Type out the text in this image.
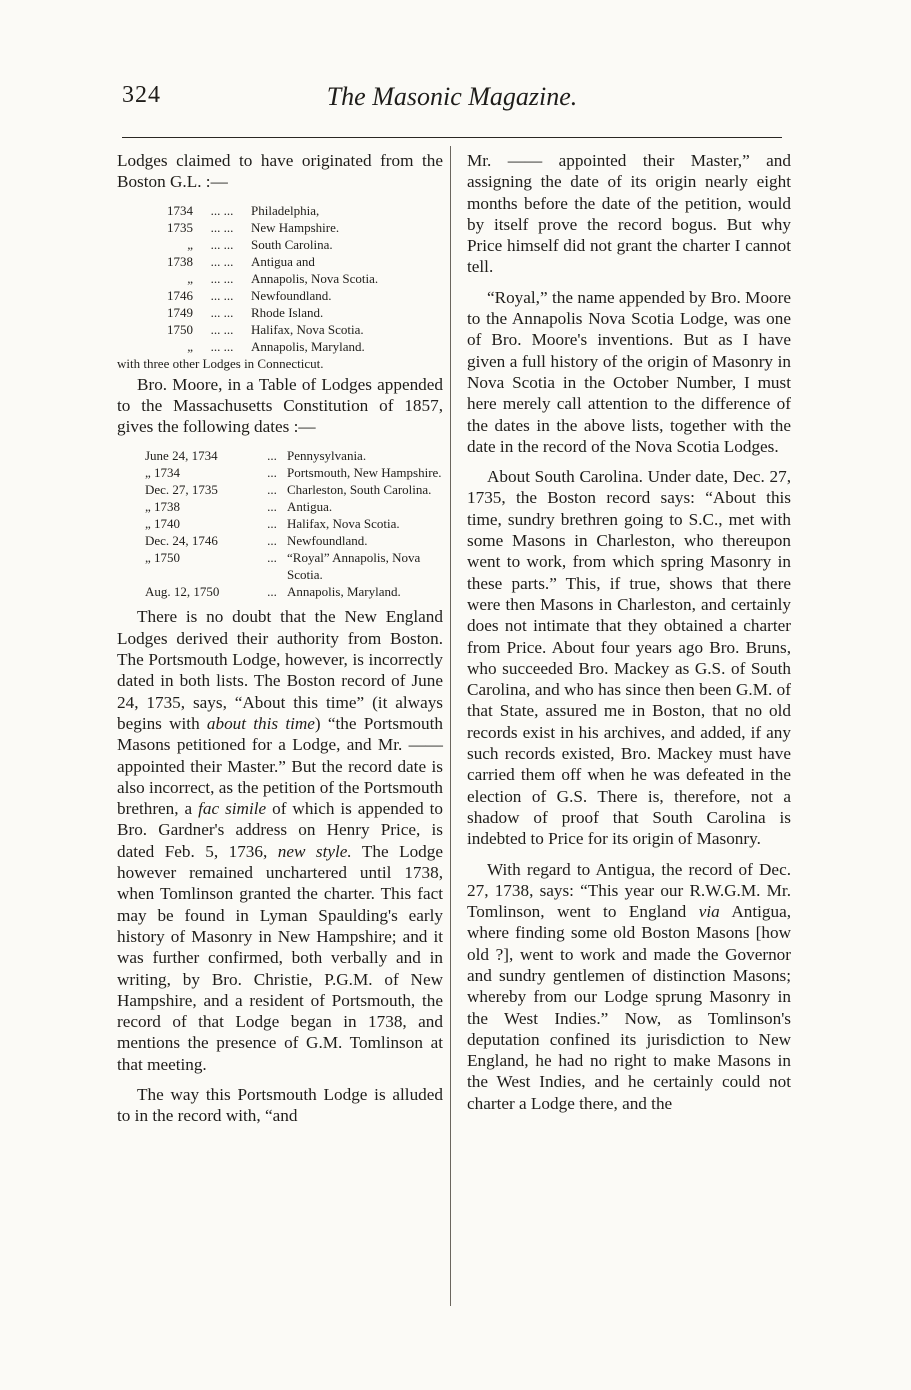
324	The Masonic Magazine.

Lodges claimed to have originated from the Boston G.L. :—

1734	... ...	Philadelphia,
1735	... ...	New Hampshire.
„	... ...	South Carolina.
1738	... ...	Antigua and
„	... ...	Annapolis, Nova Scotia.
1746	... ...	Newfoundland.
1749	... ...	Rhode Island.
1750	... ...	Halifax, Nova Scotia.
„	... ...	Annapolis, Maryland.
with three other Lodges in Connecticut.

Bro. Moore, in a Table of Lodges appended to the Massachusetts Constitution of 1857, gives the following dates :—

June 24, 1734	... Pennysylvania.
„ 1734	... Portsmouth, New Hampshire.
Dec. 27, 1735	... Charleston, South Carolina.
„ 1738	... Antigua.
„ 1740	... Halifax, Nova Scotia.
Dec. 24, 1746	... Newfoundland.
„ 1750	... “Royal” Annapolis, Nova Scotia.
Aug. 12, 1750	... Annapolis, Maryland.

There is no doubt that the New England Lodges derived their authority from Boston. The Portsmouth Lodge, however, is incorrectly dated in both lists. The Boston record of June 24, 1735, says, “About this time” (it always begins with about this time) “the Portsmouth Masons petitioned for a Lodge, and Mr. —— appointed their Master.” But the record date is also incorrect, as the petition of the Portsmouth brethren, a fac simile of which is appended to Bro. Gardner's address on Henry Price, is dated Feb. 5, 1736, new style. The Lodge however remained unchartered until 1738, when Tomlinson granted the charter. This fact may be found in Lyman Spaulding's early history of Masonry in New Hampshire; and it was further confirmed, both verbally and in writing, by Bro. Christie, P.G.M. of New Hampshire, and a resident of Portsmouth, the record of that Lodge began in 1738, and mentions the presence of G.M. Tomlinson at that meeting.

The way this Portsmouth Lodge is alluded to in the record with, “and

Mr. —— appointed their Master,” and assigning the date of its origin nearly eight months before the date of the petition, would by itself prove the record bogus. But why Price himself did not grant the charter I cannot tell.

“Royal,” the name appended by Bro. Moore to the Annapolis Nova Scotia Lodge, was one of Bro. Moore's inventions. But as I have given a full history of the origin of Masonry in Nova Scotia in the October Number, I must here merely call attention to the difference of the dates in the above lists, together with the date in the record of the Nova Scotia Lodges.

About South Carolina. Under date, Dec. 27, 1735, the Boston record says: “About this time, sundry brethren going to S.C., met with some Masons in Charleston, who thereupon went to work, from which spring Masonry in these parts.” This, if true, shows that there were then Masons in Charleston, and certainly does not intimate that they obtained a charter from Price. About four years ago Bro. Bruns, who succeeded Bro. Mackey as G.S. of South Carolina, and who has since then been G.M. of that State, assured me in Boston, that no old records exist in his archives, and added, if any such records existed, Bro. Mackey must have carried them off when he was defeated in the election of G.S. There is, therefore, not a shadow of proof that South Carolina is indebted to Price for its origin of Masonry.

With regard to Antigua, the record of Dec. 27, 1738, says: “This year our R.W.G.M. Mr. Tomlinson, went to England via Antigua, where finding some old Boston Masons [how old ?], went to work and made the Governor and sundry gentlemen of distinction Masons; whereby from our Lodge sprung Masonry in the West Indies.” Now, as Tomlinson's deputation confined its jurisdiction to New England, he had no right to make Masons in the West Indies, and he certainly could not charter a Lodge there, and the
